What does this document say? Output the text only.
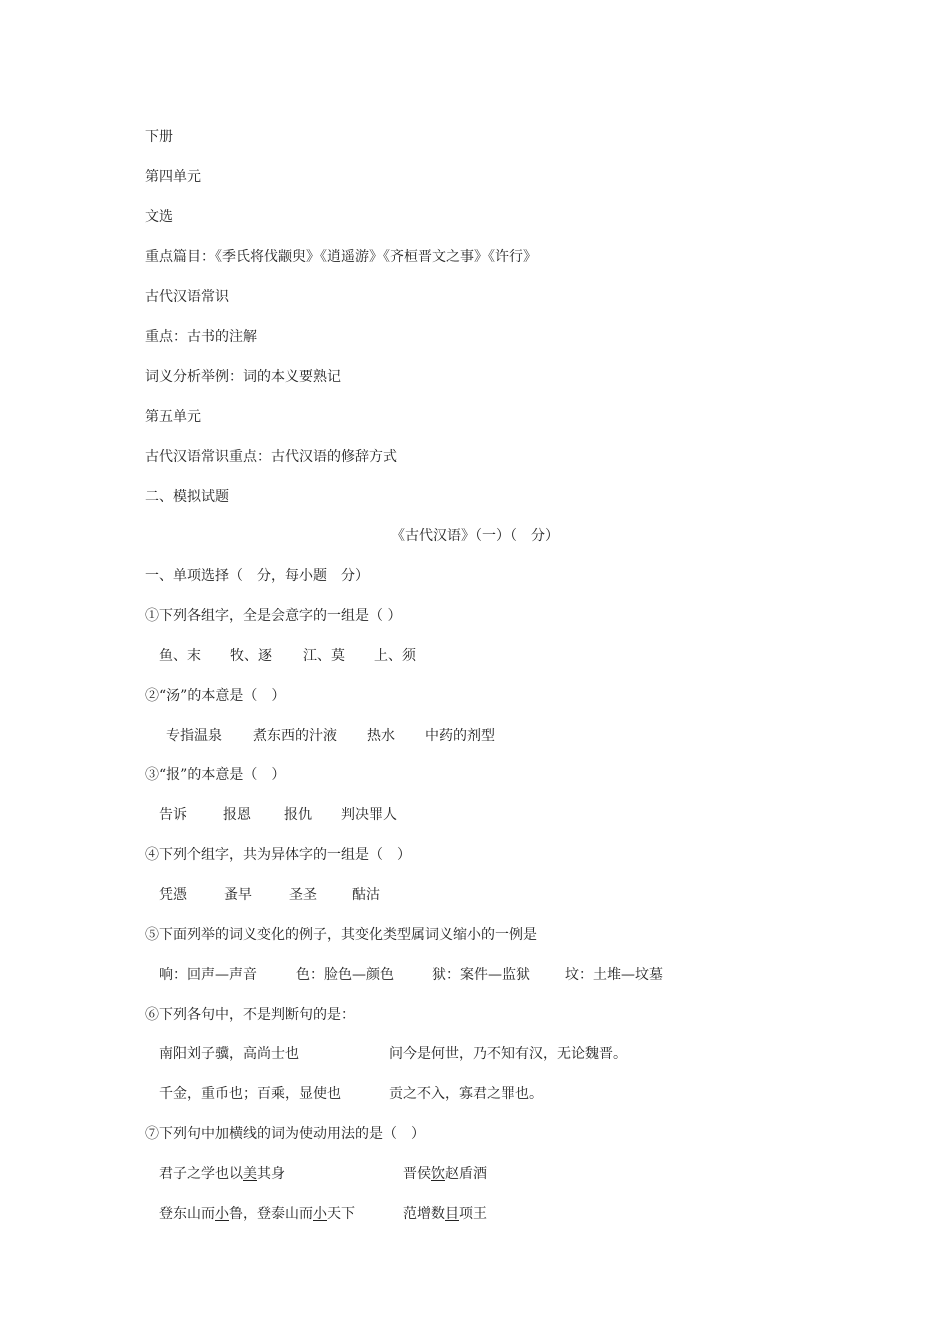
下册
第四单元
文选
重点篇目：《季氏将伐颛臾》《逍遥游》《齐桓晋文之事》《许行》
古代汉语常识
重点：古书的注解
词义分析举例：词的本义要熟记
第五单元
古代汉语常识重点：古代汉语的修辞方式
二、模拟试题
《古代汉语》（一）（　分）
一、单项选择（　分，每小题　分）
①下列各组字，全是会意字的一组是（ ）
鱼、末 牧、逐 江、莫 上、须
②“汤”的本意是（　）
专指温泉 煮东西的汁液 热水 中药的剂型
③“报”的本意是（　）
告诉	报恩 报仇 判决罪人
④下列个组字，共为异体字的一组是（　）
凭憑	蚤早	圣圣	酤沽
⑤下面列举的词义变化的例子，其变化类型属词义缩小的一例是
响：回声—声音	色：脸色—颜色	狱：案件—监狱	坟：土堆—坟墓
⑥下列各句中，不是判断句的是：
南阳刘子骥，高尚士也	问今是何世，乃不知有汉，无论魏晋。
千金，重币也；百乘，显使也	贡之不入，寡君之罪也。
⑦下列句中加横线的词为使动用法的是（　）
君子之学也以美其身	晋侯饮赵盾酒
登东山而小鲁，登泰山而小天下	范增数目项王
